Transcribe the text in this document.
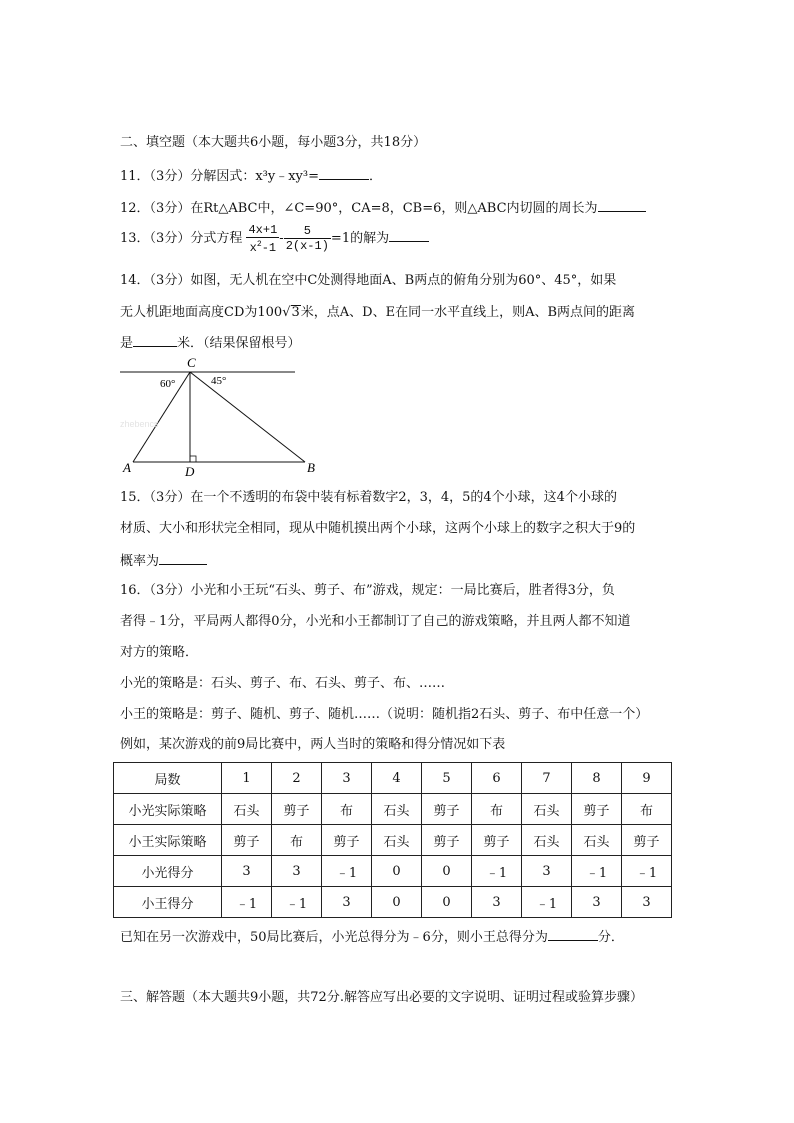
二、填空题（本大题共6小题，每小题3分，共18分）
11．（3分）分解因式：x³y﹣xy³=	．
12．（3分）在Rt△ABC中，∠C=90°，CA=8，CB=6，则△ABC内切圆的周长为
13．（3分）分式方程 $\frac{4x+1}{x^2-1} - \frac{5}{2(x-1)} =1$的解为
14．（3分）如图，无人机在空中C处测得地面A、B两点的俯角分别为60°、45°，如果
无人机距地面高度CD为100√3米，点A、D、E在同一水平直线上，则A、B两点间的距离
是	米．（结果保留根号）
C
A	D	B
60°	45°
zhebencs
15．（3分）在一个不透明的布袋中装有标着数字2，3，4，5的4个小球，这4个小球的
材质、大小和形状完全相同，现从中随机摸出两个小球，这两个小球上的数字之积大于9的
概率为
16．（3分）小光和小王玩“石头、剪子、布”游戏，规定：一局比赛后，胜者得3分，负
者得﹣1分，平局两人都得0分，小光和小王都制订了自己的游戏策略，并且两人都不知道
对方的策略．
小光的策略是：石头、剪子、布、石头、剪子、布、……
小王的策略是：剪子、随机、剪子、随机……（说明：随机指2石头、剪子、布中任意一个）
例如，某次游戏的前9局比赛中，两人当时的策略和得分情况如下表
局数	1	2	3	4	5	6	7	8	9
小光实际策略	石头	剪子	布	石头	剪子	布	石头	剪子	布
小王实际策略	剪子	布	剪子	石头	剪子	剪子	石头	石头	剪子
小光得分	3	3	﹣1	0	0	﹣1	3	﹣1	﹣1
小王得分	﹣1	﹣1	3	0	0	3	﹣1	3	3
已知在另一次游戏中，50局比赛后，小光总得分为﹣6分，则小王总得分为	分．
三、解答题（本大题共9小题，共72分.解答应写出必要的文字说明、证明过程或验算步骤）
